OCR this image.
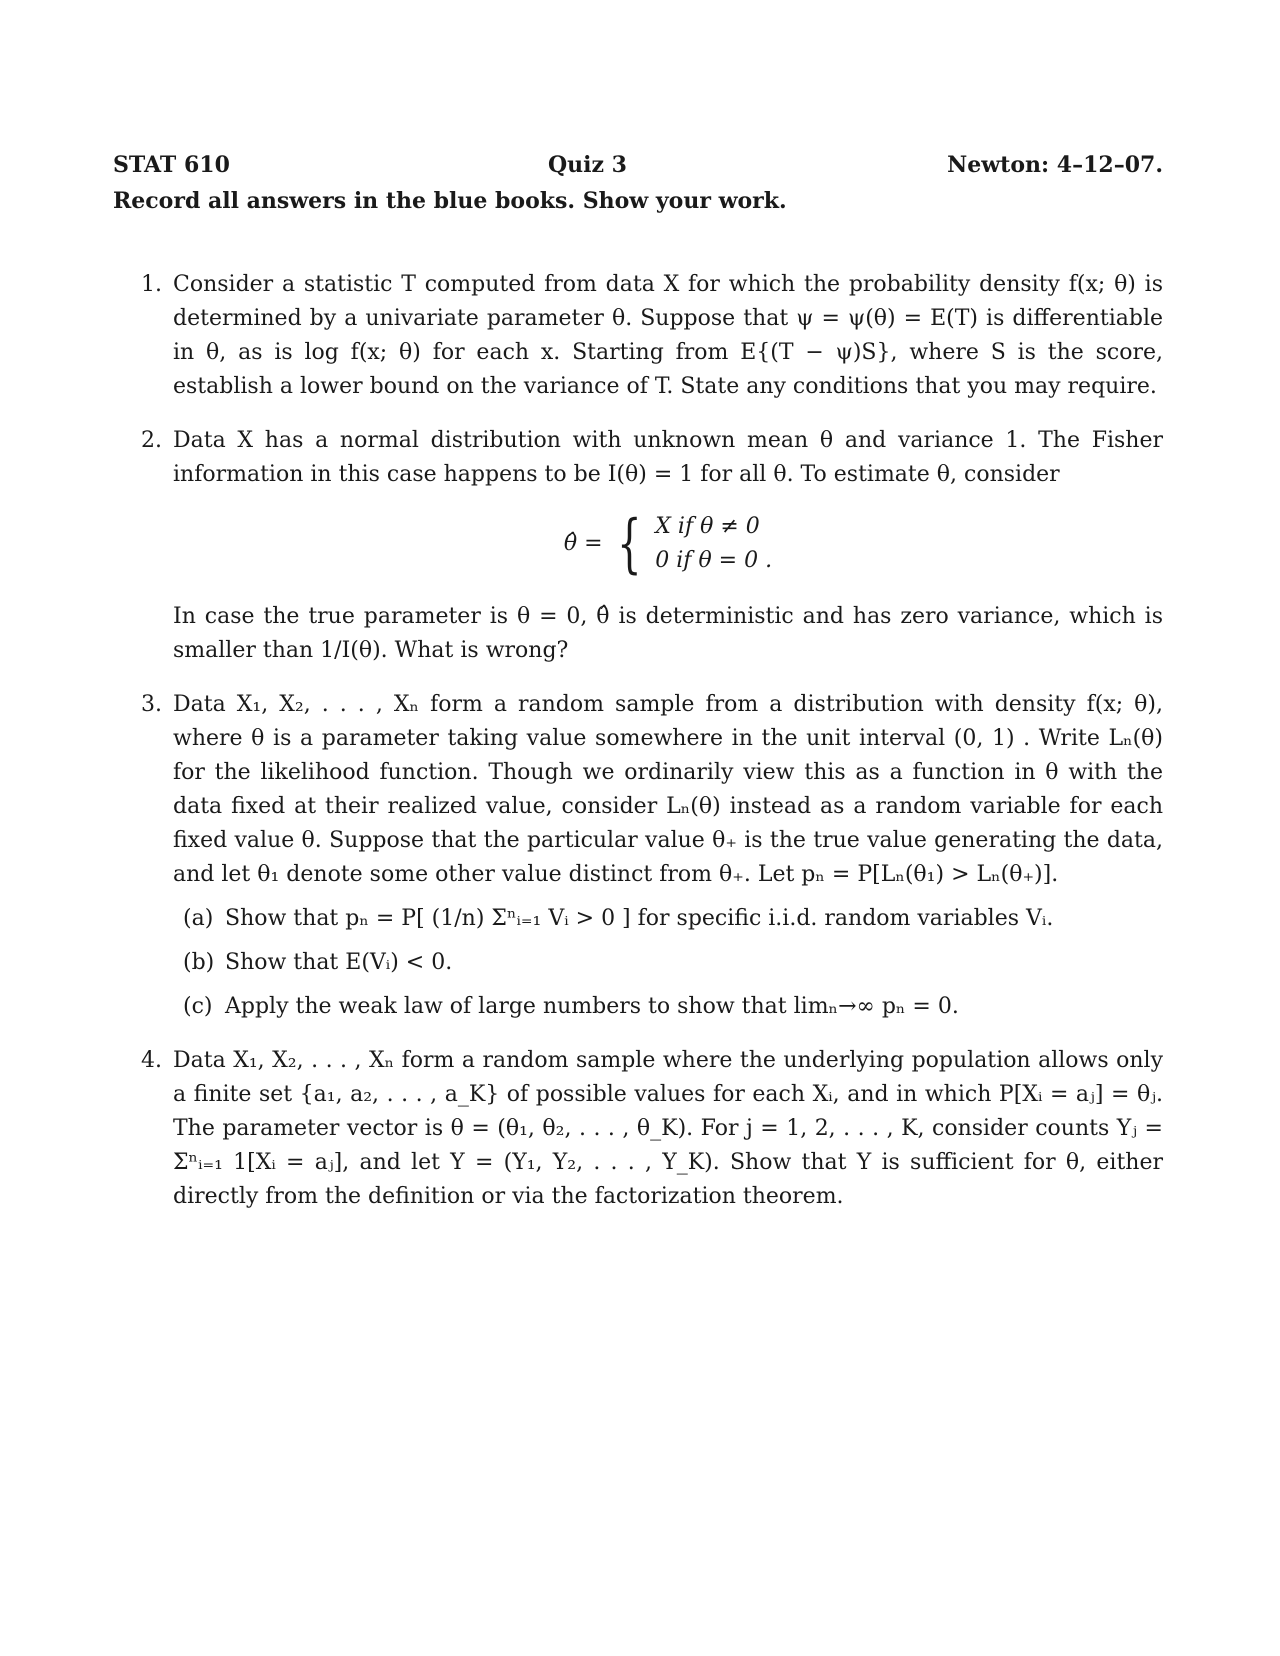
STAT 610	Quiz 3	Newton: 4–12–07.
Record all answers in the blue books. Show your work.
1. Consider a statistic T computed from data X for which the probability density f(x; θ) is determined by a univariate parameter θ. Suppose that ψ = ψ(θ) = E(T) is differentiable in θ, as is log f(x; θ) for each x. Starting from E{(T − ψ)S}, where S is the score, establish a lower bound on the variance of T. State any conditions that you may require.
2. Data X has a normal distribution with unknown mean θ and variance 1. The Fisher information in this case happens to be I(θ) = 1 for all θ. To estimate θ, consider
θ̂ = { X if θ ≠ 0
0 if θ = 0 .
In case the true parameter is θ = 0, θ̂ is deterministic and has zero variance, which is smaller than 1/I(θ). What is wrong?
3. Data X₁, X₂, . . . , Xₙ form a random sample from a distribution with density f(x; θ), where θ is a parameter taking value somewhere in the unit interval (0, 1) . Write Lₙ(θ) for the likelihood function. Though we ordinarily view this as a function in θ with the data fixed at their realized value, consider Lₙ(θ) instead as a random variable for each fixed value θ. Suppose that the particular value θ₊ is the true value generating the data, and let θ₁ denote some other value distinct from θ₊. Let pₙ = P[Lₙ(θ₁) > Lₙ(θ₊)].
(a) Show that pₙ = P[ (1/n) Σⁿᵢ₌₁ Vᵢ > 0 ] for specific i.i.d. random variables Vᵢ.
(b) Show that E(Vᵢ) < 0.
(c) Apply the weak law of large numbers to show that limₙ→∞ pₙ = 0.
4. Data X₁, X₂, . . . , Xₙ form a random sample where the underlying population allows only a finite set {a₁, a₂, . . . , a_K} of possible values for each Xᵢ, and in which P[Xᵢ = aⱼ] = θⱼ. The parameter vector is θ = (θ₁, θ₂, . . . , θ_K). For j = 1, 2, . . . , K, consider counts Yⱼ = Σⁿᵢ₌₁ 1[Xᵢ = aⱼ], and let Y = (Y₁, Y₂, . . . , Y_K). Show that Y is sufficient for θ, either directly from the definition or via the factorization theorem.
